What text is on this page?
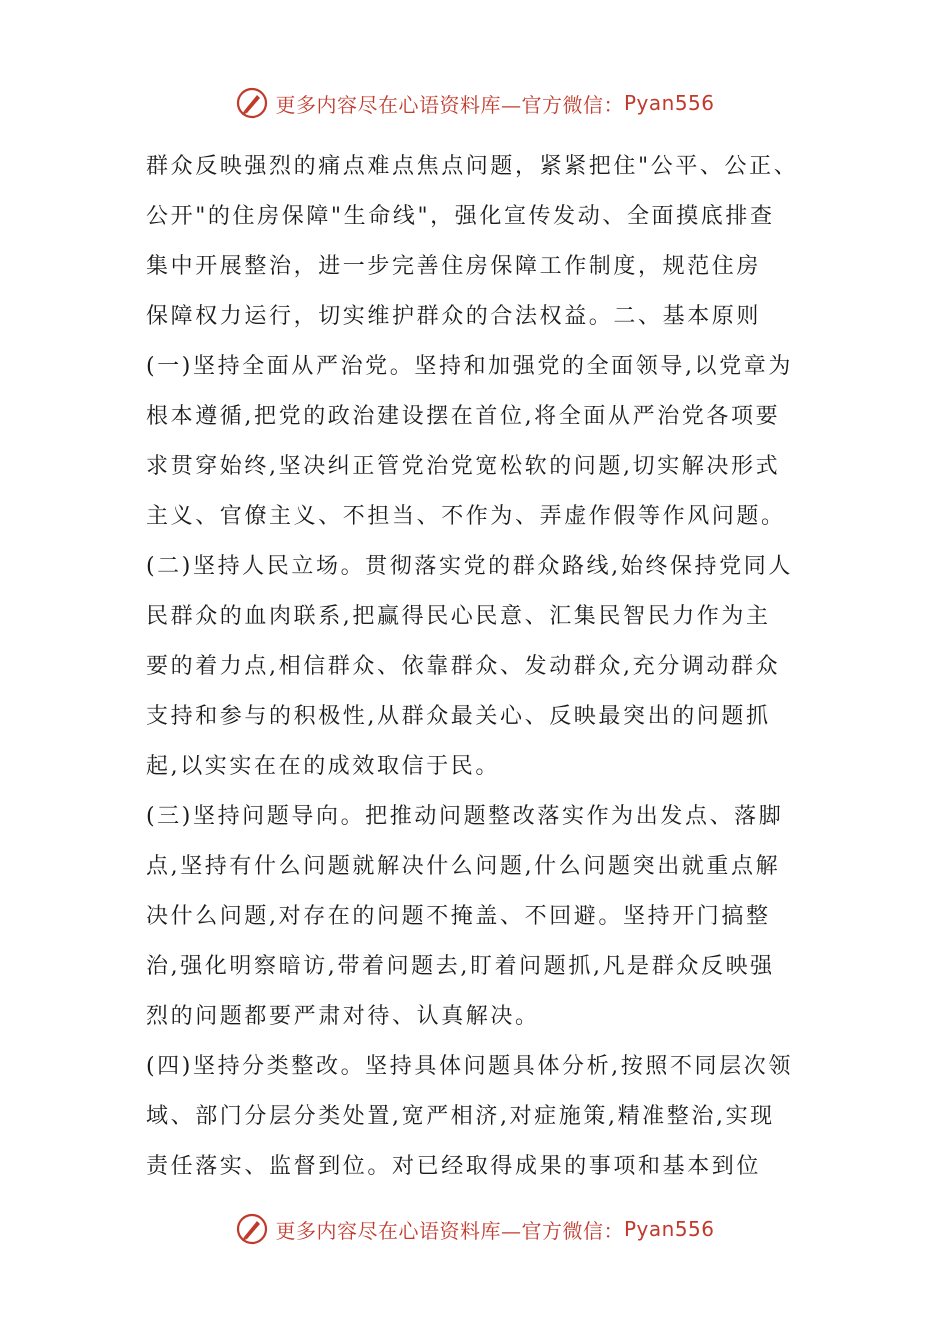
更多内容尽在心语资料库—官方微信： Pyan556
群众反映强烈的痛点难点焦点问题，紧紧把住"公平、公正、
公开"的住房保障"生命线"，强化宣传发动、全面摸底排查
集中开展整治，进一步完善住房保障工作制度，规范住房
保障权力运行，切实维护群众的合法权益。二、基本原则
(一)坚持全面从严治党。坚持和加强党的全面领导,以党章为
根本遵循,把党的政治建设摆在首位,将全面从严治党各项要
求贯穿始终,坚决纠正管党治党宽松软的问题,切实解决形式
主义、官僚主义、不担当、不作为、弄虚作假等作风问题。
(二)坚持人民立场。贯彻落实党的群众路线,始终保持党同人
民群众的血肉联系,把赢得民心民意、汇集民智民力作为主
要的着力点,相信群众、依靠群众、发动群众,充分调动群众
支持和参与的积极性,从群众最关心、反映最突出的问题抓
起,以实实在在的成效取信于民。
(三)坚持问题导向。把推动问题整改落实作为出发点、落脚
点,坚持有什么问题就解决什么问题,什么问题突出就重点解
决什么问题,对存在的问题不掩盖、不回避。坚持开门搞整
治,强化明察暗访,带着问题去,盯着问题抓,凡是群众反映强
烈的问题都要严肃对待、认真解决。
(四)坚持分类整改。坚持具体问题具体分析,按照不同层次领
域、部门分层分类处置,宽严相济,对症施策,精准整治,实现
责任落实、监督到位。对已经取得成果的事项和基本到位
更多内容尽在心语资料库—官方微信： Pyan556
